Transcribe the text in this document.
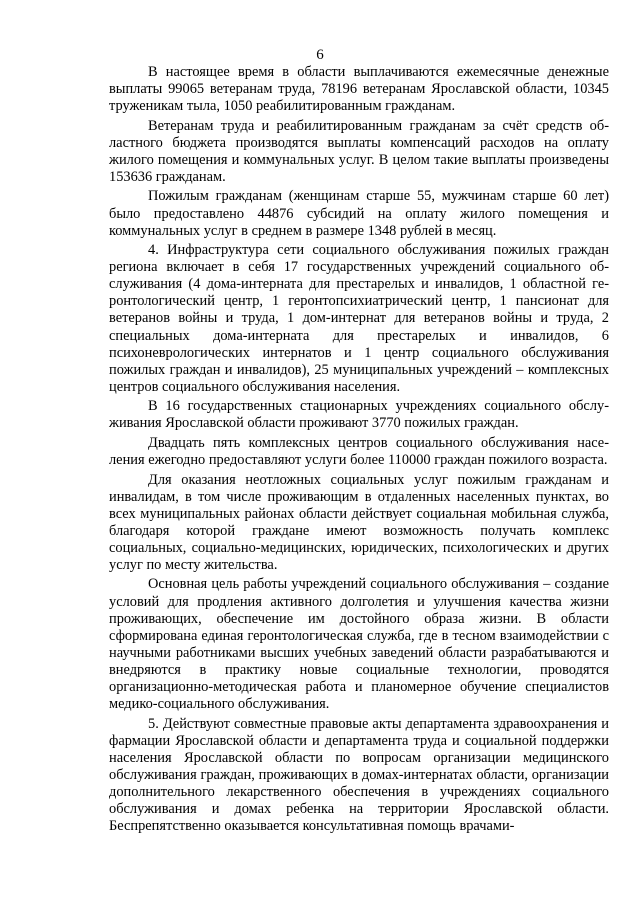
6

В настоящее время в области выплачиваются ежемесячные денежные выплаты 99065 ветеранам труда, 78196 ветеранам Ярославской области, 10345 труженикам тыла, 1050 реабилитированным гражданам.

Ветеранам труда и реабилитированным гражданам за счёт средств областного бюджета производятся выплаты компенсаций расходов на оплату жилого помещения и коммунальных услуг. В целом такие выплаты произведены 153636 гражданам.

Пожилым гражданам (женщинам старше 55, мужчинам старше 60 лет) было предоставлено 44876 субсидий на оплату жилого помещения и коммунальных услуг в среднем в размере 1348 рублей в месяц.

4. Инфраструктура сети социального обслуживания пожилых граждан региона включает в себя 17 государственных учреждений социального обслуживания (4 дома-интерната для престарелых и инвалидов, 1 областной геронтологический центр, 1 геронтопсихиатрический центр, 1 пансионат для ветеранов войны и труда, 1 дом-интернат для ветеранов войны и труда, 2 специальных дома-интерната для престарелых и инвалидов, 6 психоневрологических интернатов и 1 центр социального обслуживания пожилых граждан и инвалидов), 25 муниципальных учреждений – комплексных центров социального обслуживания населения.

В 16 государственных стационарных учреждениях социального обслуживания Ярославской области проживают 3770 пожилых граждан.

Двадцать пять комплексных центров социального обслуживания населения ежегодно предоставляют услуги более 110000 граждан пожилого возраста.

Для оказания неотложных социальных услуг пожилым гражданам и инвалидам, в том числе проживающим в отдаленных населенных пунктах, во всех муниципальных районах области действует социальная мобильная служба, благодаря которой граждане имеют возможность получать комплекс социальных, социально-медицинских, юридических, психологических и других услуг по месту жительства.

Основная цель работы учреждений социального обслуживания – создание условий для продления активного долголетия и улучшения качества жизни проживающих, обеспечение им достойного образа жизни. В области сформирована единая геронтологическая служба, где в тесном взаимодействии с научными работниками высших учебных заведений области разрабатываются и внедряются в практику новые социальные технологии, проводятся организационно-методическая работа и планомерное обучение специалистов медико-социального обслуживания.

5. Действуют совместные правовые акты департамента здравоохранения и фармации Ярославской области и департамента труда и социальной поддержки населения Ярославской области по вопросам организации медицинского обслуживания граждан, проживающих в домах-интернатах области, организации дополнительного лекарственного обеспечения в учреждениях социального обслуживания и домах ребенка на территории Ярославской области. Беспрепятственно оказывается консультативная помощь врачами-
